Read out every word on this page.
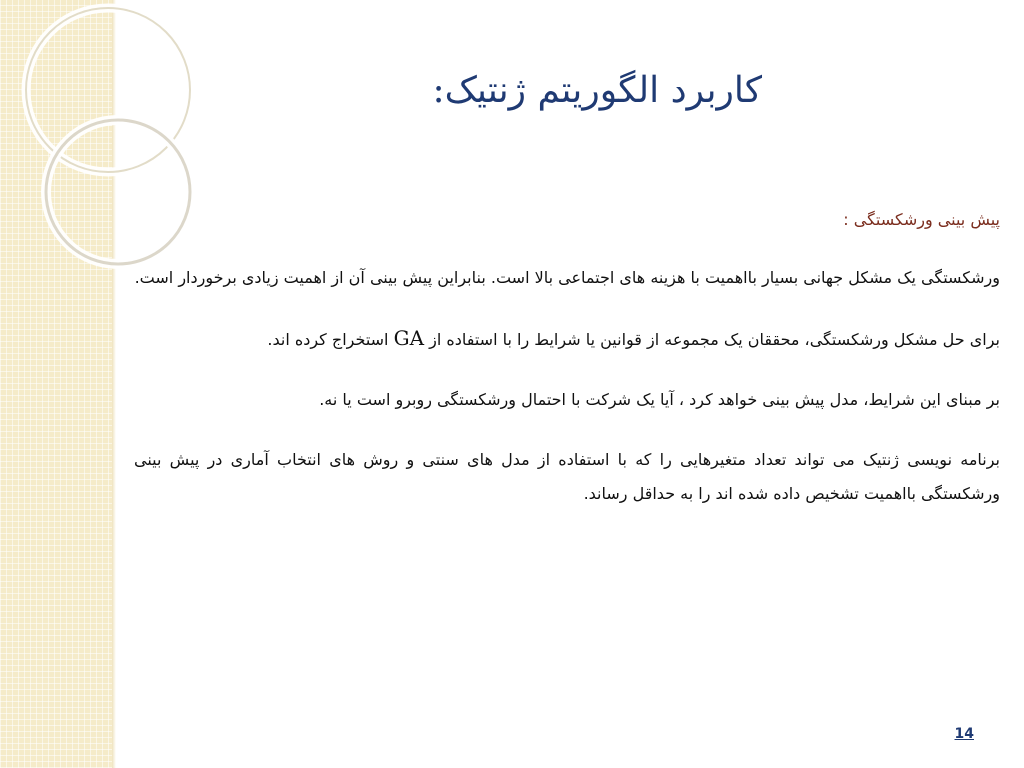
کاربرد الگوریتم ژنتیک:

پیش بینی ورشکستگی :

ورشکستگی یک مشکل جهانی بسیار بااهمیت با هزینه های اجتماعی بالا است. بنابراین پیش بینی آن از اهمیت زیادی برخوردار است.

برای حل مشکل ورشکستگی، محققان یک مجموعه از قوانین یا شرایط را با استفاده از GA استخراج کرده اند.

بر مبنای این شرایط، مدل پیش بینی خواهد کرد ، آیا یک شرکت با احتمال ورشکستگی روبرو است یا نه.

برنامه نویسی ژنتیک می تواند تعداد متغیرهایی را که با استفاده از مدل های سنتی و روش های انتخاب آماری در پیش بینی ورشکستگی بااهمیت تشخیص داده شده اند را به حداقل رساند.

14
